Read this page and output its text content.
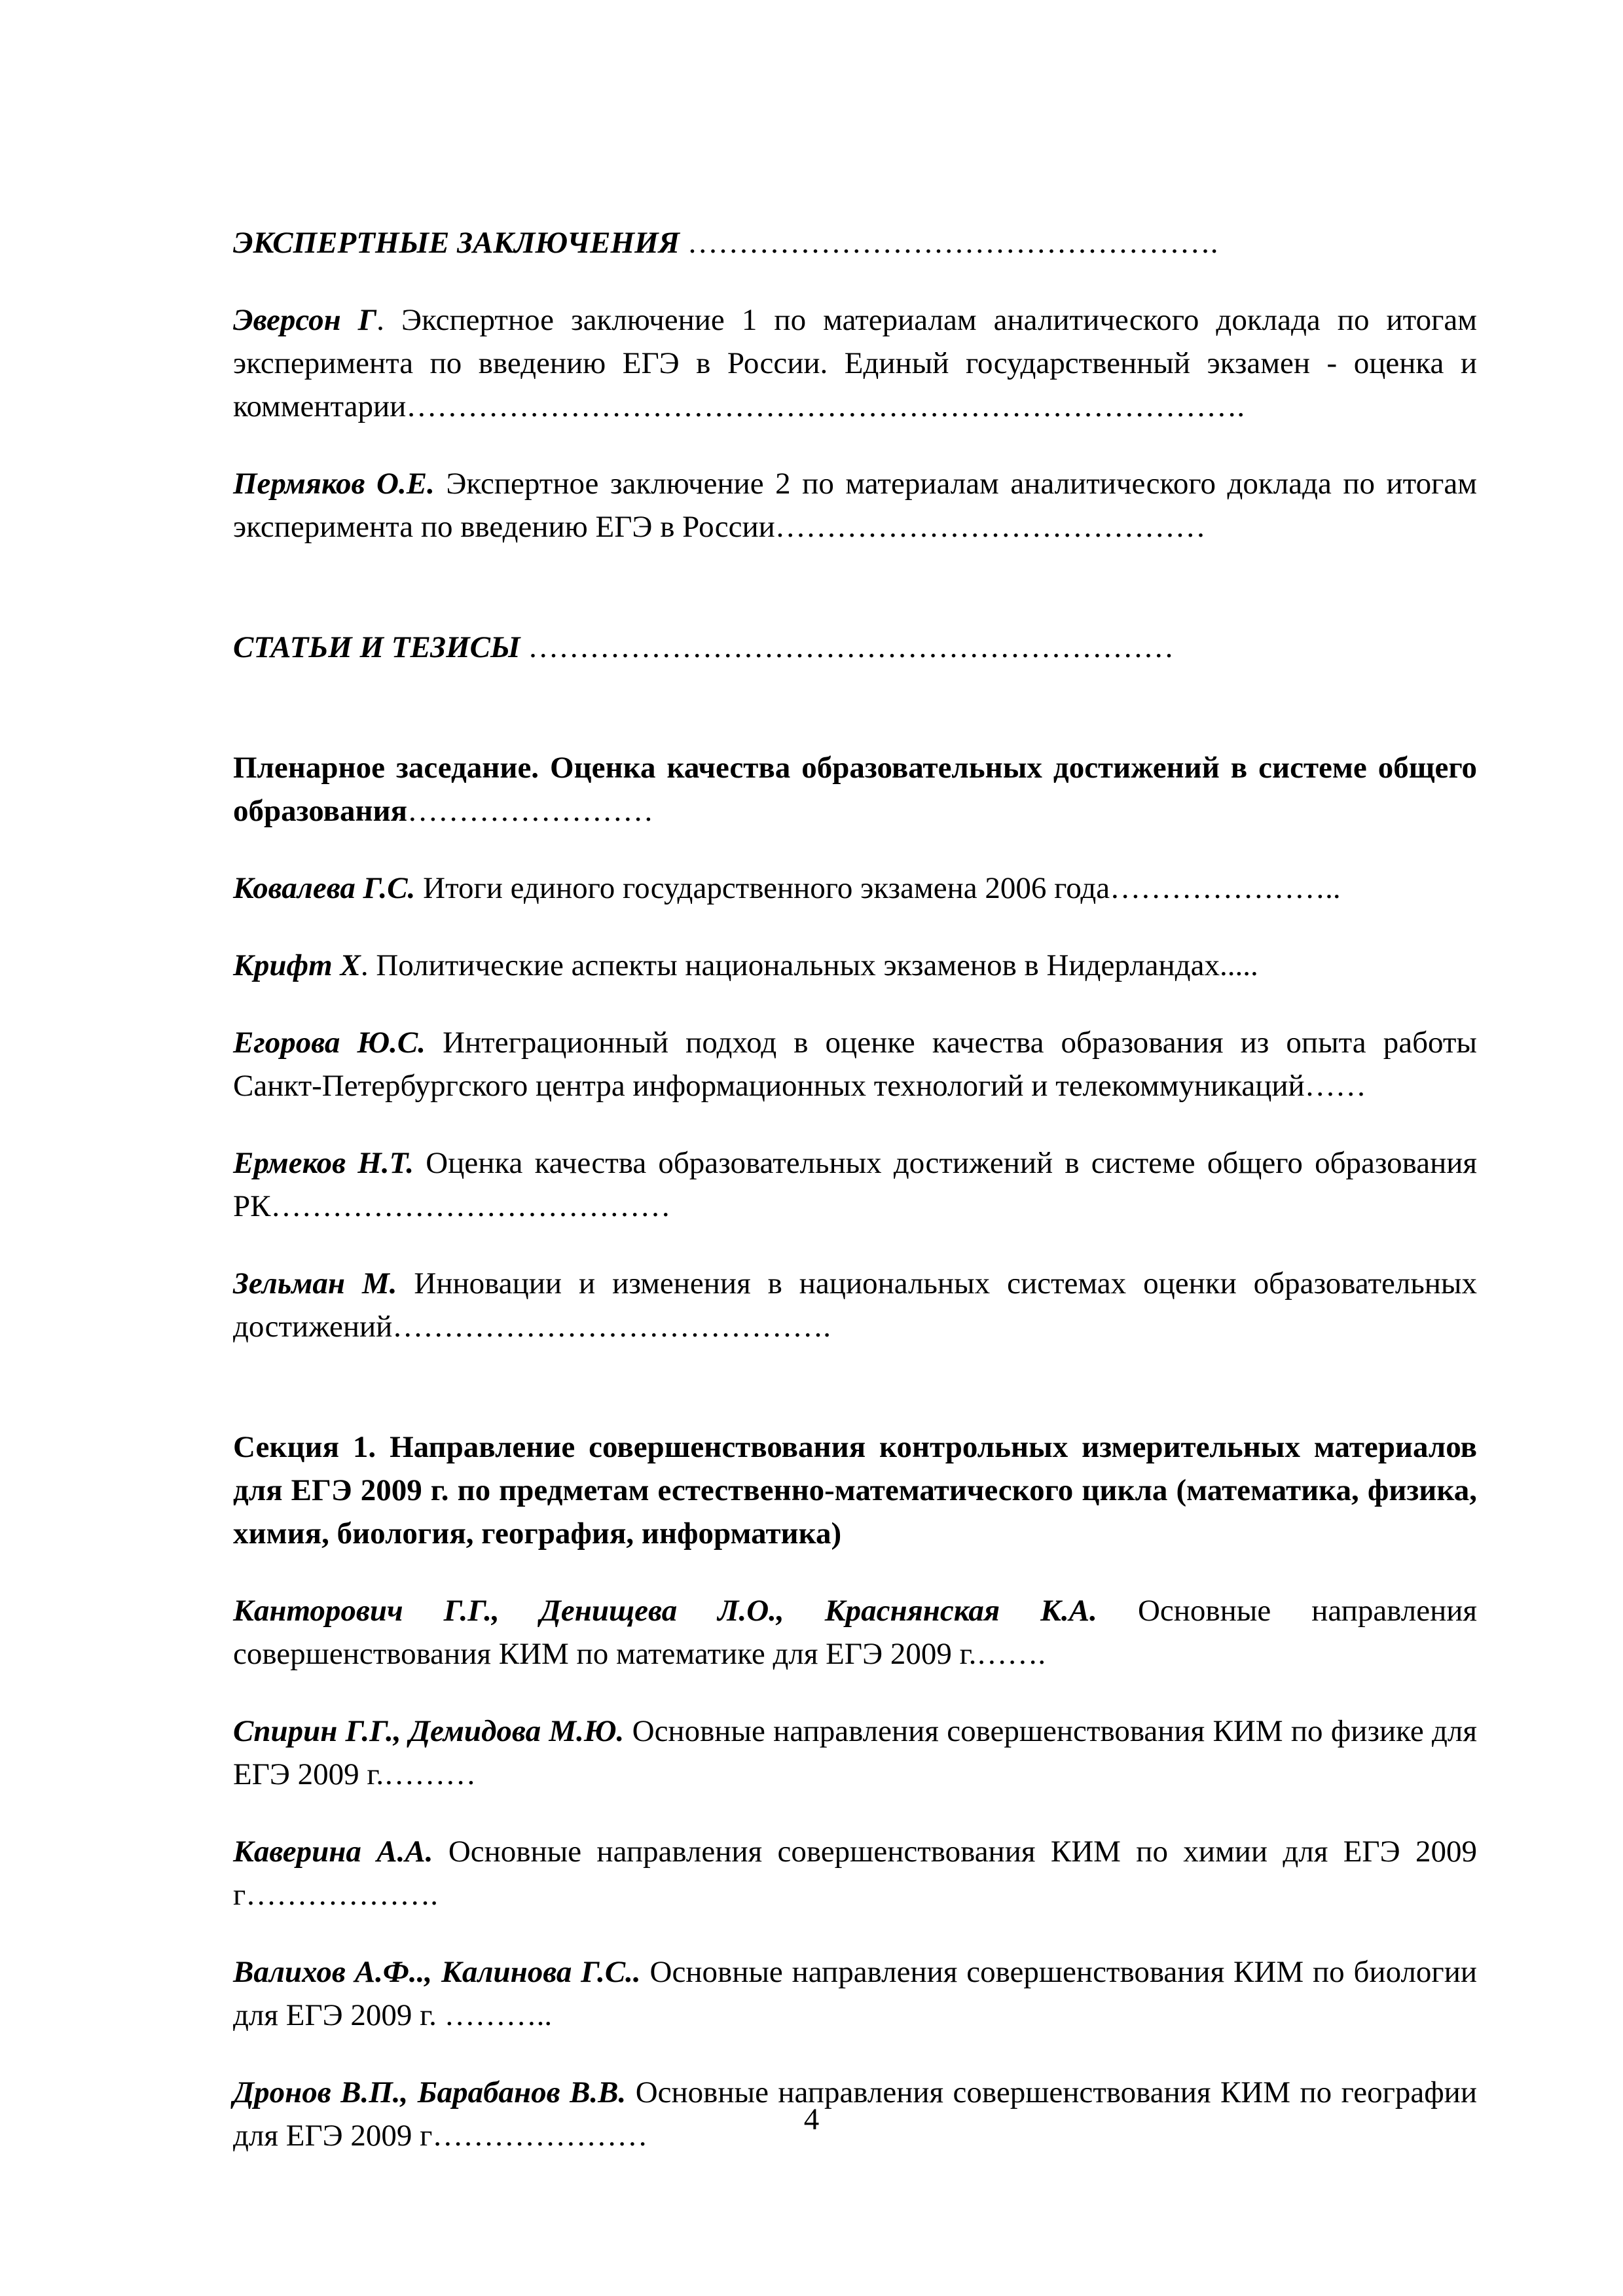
ЭКСПЕРТНЫЕ ЗАКЛЮЧЕНИЯ …………………………………………….

Эверсон Г. Экспертное заключение 1 по материалам аналитического доклада по итогам эксперимента по введению ЕГЭ в России. Единый государственный экзамен - оценка и комментарии……………………………………………………………………….

Пермяков О.Е. Экспертное заключение 2 по материалам аналитического доклада по итогам эксперимента по введению ЕГЭ в России……………………………………

СТАТЬИ И ТЕЗИСЫ ………………………………………………………

Пленарное заседание. Оценка качества образовательных достижений в системе общего образования……………………

Ковалева Г.С. Итоги единого государственного экзамена 2006 года…………………..

Крифт Х. Политические аспекты национальных экзаменов в Нидерландах.....

Егорова Ю.С. Интеграционный подход в оценке качества образования из опыта работы Санкт-Петербургского центра информационных технологий и телекоммуникаций……

Ермеков Н.Т. Оценка качества образовательных достижений в системе общего образования РК…………………………………

Зельман М. Инновации и изменения в национальных системах оценки образовательных достижений…………………………………….

Секция 1. Направление совершенствования контрольных измерительных материалов для ЕГЭ 2009 г. по предметам естественно-математического цикла (математика, физика, химия, биология, география, информатика)

Канторович Г.Г., Денищева Л.О., Краснянская К.А. Основные направления совершенствования КИМ по математике для ЕГЭ 2009 г.…….

Спирин Г.Г., Демидова М.Ю. Основные направления совершенствования КИМ по физике для ЕГЭ 2009 г.………

Каверина А.А. Основные направления совершенствования КИМ по химии для ЕГЭ 2009 г……………….

Валихов А.Ф.., Калинова Г.С.. Основные направления совершенствования КИМ по биологии для ЕГЭ 2009 г. ………..

Дронов В.П., Барабанов В.В. Основные направления совершенствования КИМ по географии для ЕГЭ 2009 г…………………	4
